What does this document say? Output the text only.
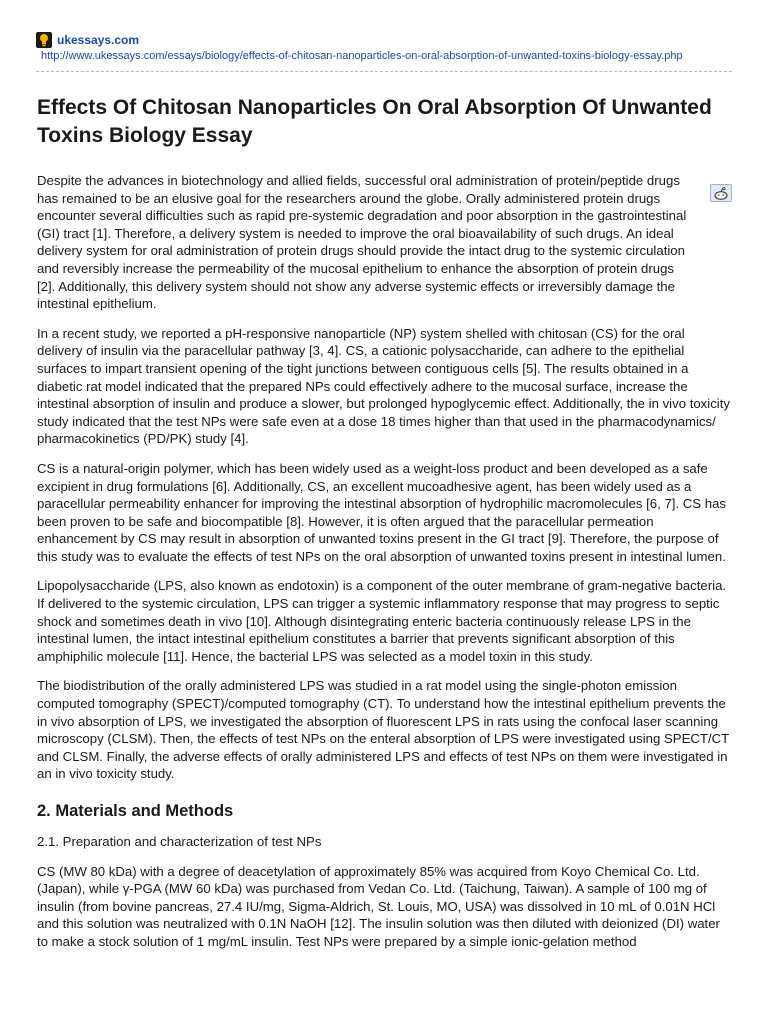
ukessays.com
http://www.ukessays.com/essays/biology/effects-of-chitosan-nanoparticles-on-oral-absorption-of-unwanted-toxins-biology-essay.php
Effects Of Chitosan Nanoparticles On Oral Absorption Of Unwanted Toxins Biology Essay

Despite the advances in biotechnology and allied fields, successful oral administration of protein/peptide drugs has remained to be an elusive goal for the researchers around the globe. Orally administered protein drugs encounter several difficulties such as rapid pre-systemic degradation and poor absorption in the gastrointestinal (GI) tract [1]. Therefore, a delivery system is needed to improve the oral bioavailability of such drugs. An ideal delivery system for oral administration of protein drugs should provide the intact drug to the systemic circulation and reversibly increase the permeability of the mucosal epithelium to enhance the absorption of protein drugs [2]. Additionally, this delivery system should not show any adverse systemic effects or irreversibly damage the intestinal epithelium.

In a recent study, we reported a pH-responsive nanoparticle (NP) system shelled with chitosan (CS) for the oral delivery of insulin via the paracellular pathway [3, 4]. CS, a cationic polysaccharide, can adhere to the epithelial surfaces to impart transient opening of the tight junctions between contiguous cells [5]. The results obtained in a diabetic rat model indicated that the prepared NPs could effectively adhere to the mucosal surface, increase the intestinal absorption of insulin and produce a slower, but prolonged hypoglycemic effect. Additionally, the in vivo toxicity study indicated that the test NPs were safe even at a dose 18 times higher than that used in the pharmacodynamics/ pharmacokinetics (PD/PK) study [4].

CS is a natural-origin polymer, which has been widely used as a weight-loss product and been developed as a safe excipient in drug formulations [6]. Additionally, CS, an excellent mucoadhesive agent, has been widely used as a paracellular permeability enhancer for improving the intestinal absorption of hydrophilic macromolecules [6, 7]. CS has been proven to be safe and biocompatible [8]. However, it is often argued that the paracellular permeation enhancement by CS may result in absorption of unwanted toxins present in the GI tract [9]. Therefore, the purpose of this study was to evaluate the effects of test NPs on the oral absorption of unwanted toxins present in intestinal lumen.

Lipopolysaccharide (LPS, also known as endotoxin) is a component of the outer membrane of gram-negative bacteria. If delivered to the systemic circulation, LPS can trigger a systemic inflammatory response that may progress to septic shock and sometimes death in vivo [10]. Although disintegrating enteric bacteria continuously release LPS in the intestinal lumen, the intact intestinal epithelium constitutes a barrier that prevents significant absorption of this amphiphilic molecule [11]. Hence, the bacterial LPS was selected as a model toxin in this study.

The biodistribution of the orally administered LPS was studied in a rat model using the single-photon emission computed tomography (SPECT)/computed tomography (CT). To understand how the intestinal epithelium prevents the in vivo absorption of LPS, we investigated the absorption of fluorescent LPS in rats using the confocal laser scanning microscopy (CLSM). Then, the effects of test NPs on the enteral absorption of LPS were investigated using SPECT/CT and CLSM. Finally, the adverse effects of orally administered LPS and effects of test NPs on them were investigated in an in vivo toxicity study.

2. Materials and Methods

2.1. Preparation and characterization of test NPs

CS (MW 80 kDa) with a degree of deacetylation of approximately 85% was acquired from Koyo Chemical Co. Ltd. (Japan), while γ-PGA (MW 60 kDa) was purchased from Vedan Co. Ltd. (Taichung, Taiwan). A sample of 100 mg of insulin (from bovine pancreas, 27.4 IU/mg, Sigma-Aldrich, St. Louis, MO, USA) was dissolved in 10 mL of 0.01N HCl and this solution was neutralized with 0.1N NaOH [12]. The insulin solution was then diluted with deionized (DI) water to make a stock solution of 1 mg/mL insulin. Test NPs were prepared by a simple ionic-gelation method
